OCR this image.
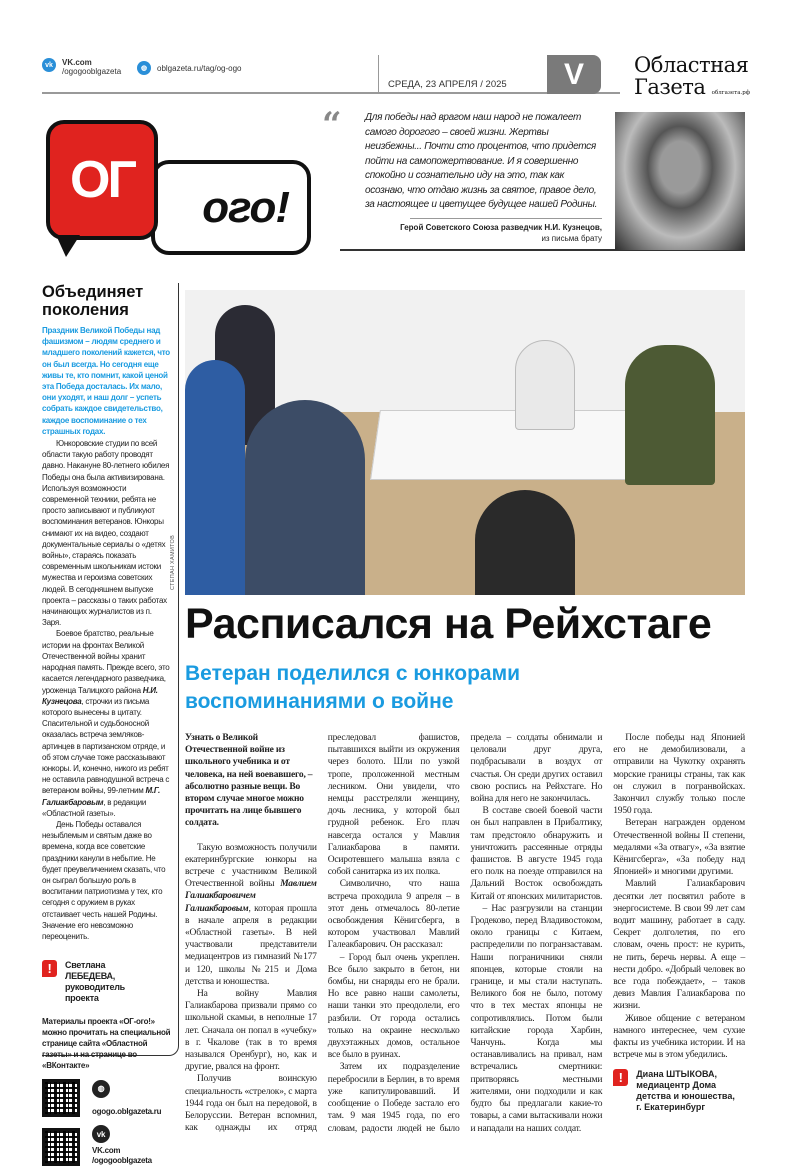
vk	VK.com
/ogogooblgazeta	◍	oblgazeta.ru/tag/og-ogo
СРЕДА, 23 АПРЕЛЯ / 2025	V	Областная
Газета облгазета.рф
ого!
ОГ
“ Для победы над врагом наш народ не пожалеет самого дорогого – своей жизни. Жертвы неизбежны... Почти сто процентов, что придется пойти на самопожертвование. И я совершенно спокойно и сознательно иду на это, так как осознаю, что отдаю жизнь за святое, правое дело, за настоящее и цветущее будущее нашей Родины.
Герой Советского Союза разведчик Н.И. Кузнецов,
из письма брату
Объединяет поколения

Праздник Великой Победы над фашизмом – людям среднего и младшего поколений кажется, что он был всегда. Но сегодня еще живы те, кто помнит, какой ценой эта Победа досталась. Их мало, они уходят, и наш долг – успеть собрать каждое свидетельство, каждое воспоминание о тех страшных годах.

Юнкоровские студии по всей области такую работу проводят давно. Накануне 80-летнего юбилея Победы она была активизирована. Используя возможности современной техники, ребята не просто записывают и публикуют воспоминания ветеранов. Юнкоры снимают их на видео, создают документальные сериалы о «детях войны», стараясь показать современным школьникам истоки мужества и героизма советских людей. В сегодняшнем выпуске проекта – рассказы о таких работах начинающих журналистов из п. Заря.

Боевое братство, реальные истории на фронтах Великой Отечественной войны хранит народная память. Прежде всего, это касается легендарного разведчика, уроженца Талицкого района Н.И. Кузнецова, строчки из письма которого вынесены в цитату. Спасительной и судьбоносной оказалась встреча земляков-артинцев в партизанском отряде, и об этом случае тоже рассказывают юнкоры. И, конечно, никого из ребят не оставила равнодушной встреча с ветераном войны, 99-летним М.Г. Галиакбаровым, в редакции «Областной газеты».

День Победы оставался незыблемым и святым даже во времена, когда все советские праздники канули в небытие. Не будет преувеличением сказать, что он сыграл большую роль в воспитании патриотизма у тех, кто сегодня с оружием в руках отстаивает честь нашей Родины. Значение его невозможно переоценить.

!	Светлана ЛЕБЕДЕВА, руководитель проекта
Материалы проекта «ОГ-ого!» можно прочитать на специальной странице сайта «Областной газеты» и на странице во «ВКонтакте»
◍
ogogo.oblgazeta.ru
vk
VK.com
/ogogooblgazeta
СТЕПАН ХАМИТОВ
Расписался на Рейхстаге
Ветеран поделился с юнкорами воспоминаниями о войне

Узнать о Великой Отечественной войне из школьного учебника и от человека, на ней воевавшего, – абсолютно разные вещи. Во втором случае многое можно прочитать на лице бывшего солдата.

Такую возможность получили екатеринбургские юнкоры на встрече с участником Великой Отечественной войны Мавлием Галиакбаровичем Галиакбаровым, которая прошла в начале апреля в редакции «Областной газеты». В ней участвовали представители медиацентров из гимназий №177 и 120, школы №215 и Дома детства и юношества.

На войну Мавлия Галиакбарова призвали прямо со школьной скамьи, в неполные 17 лет. Сначала он попал в «учебку» в г. Чкалове (так в то время назывался Оренбург), но, как и другие, рвался на фронт.

Получив воинскую специальность «стрелок», с марта 1944 года он был на передовой, в Белоруссии. Ветеран вспомнил, как однажды их отряд преследовал фашистов, пытавшихся выйти из окружения через болото. Шли по узкой тропе, проложенной местным лесником. Они увидели, что немцы расстреляли женщину, дочь лесника, у которой был грудной ребенок. Его плач навсегда остался у Мавлия Галиакбарова в памяти. Осиротевшего малыша взяла с собой санитарка из их полка.

Символично, что наша встреча проходила 9 апреля – в этот день отмечалось 80-летие освобождения Кёнигсберга, в котором участвовал Мавлий Галеакбарович. Он рассказал:

– Город был очень укреплен. Все было закрыто в бетон, ни бомбы, ни снаряды его не брали. Но все равно наши самолеты, наши танки это преодолели, его разбили. От города остались только на окраине несколько двухэтажных домов, остальное все было в руинах.

Затем их подразделение перебросили в Берлин, в то время уже капитулировавший. И сообщение о Победе застало его там. 9 мая 1945 года, по его словам, радости людей не было предела – солдаты обнимали и целовали друг друга, подбрасывали в воздух от счастья. Он среди других оставил свою роспись на Рейхстаге. Но война для него не закончилась.

В составе своей боевой части он был направлен в Прибалтику, там предстояло обнаружить и уничтожить рассеянные отряды фашистов. В августе 1945 года его полк на поезде отправился на Дальний Восток освобождать Китай от японских милитаристов.

– Нас разгрузили на станции Гродеково, перед Владивостоком, около границы с Китаем, распределили по погранзаставам. Наши пограничники сняли японцев, которые стояли на границе, и мы стали наступать. Великого боя не было, потому что в тех местах японцы не сопротивлялись. Потом были китайские города Харбин, Чанчунь. Когда мы останавливались на привал, нам встречались смертники: притворяясь местными жителями, они подходили и как будто бы предлагали какие-то товары, а сами вытаскивали ножи и нападали на наших солдат.

После победы над Японией его не демобилизовали, а отправили на Чукотку охранять морские границы страны, так как он служил в погранвойсках. Закончил службу только после 1950 года.

Ветеран награжден орденом Отечественной войны II степени, медалями «За отвагу», «За взятие Кёнигсберга», «За победу над Японией» и многими другими.

Мавлий Галиакбарович десятки лет посвятил работе в энергосистеме. В свои 99 лет сам водит машину, работает в саду. Секрет долголетия, по его словам, очень прост: не курить, не пить, беречь нервы. А еще – нести добро. «Добрый человек во все года побеждает», – таков девиз Мавлия Галиакбарова по жизни.

Живое общение с ветераном намного интереснее, чем сухие факты из учебника истории. И на встрече мы в этом убедились.

!	Диана ШТЫКОВА, медиацентр Дома детства и юношества, г. Екатеринбург
